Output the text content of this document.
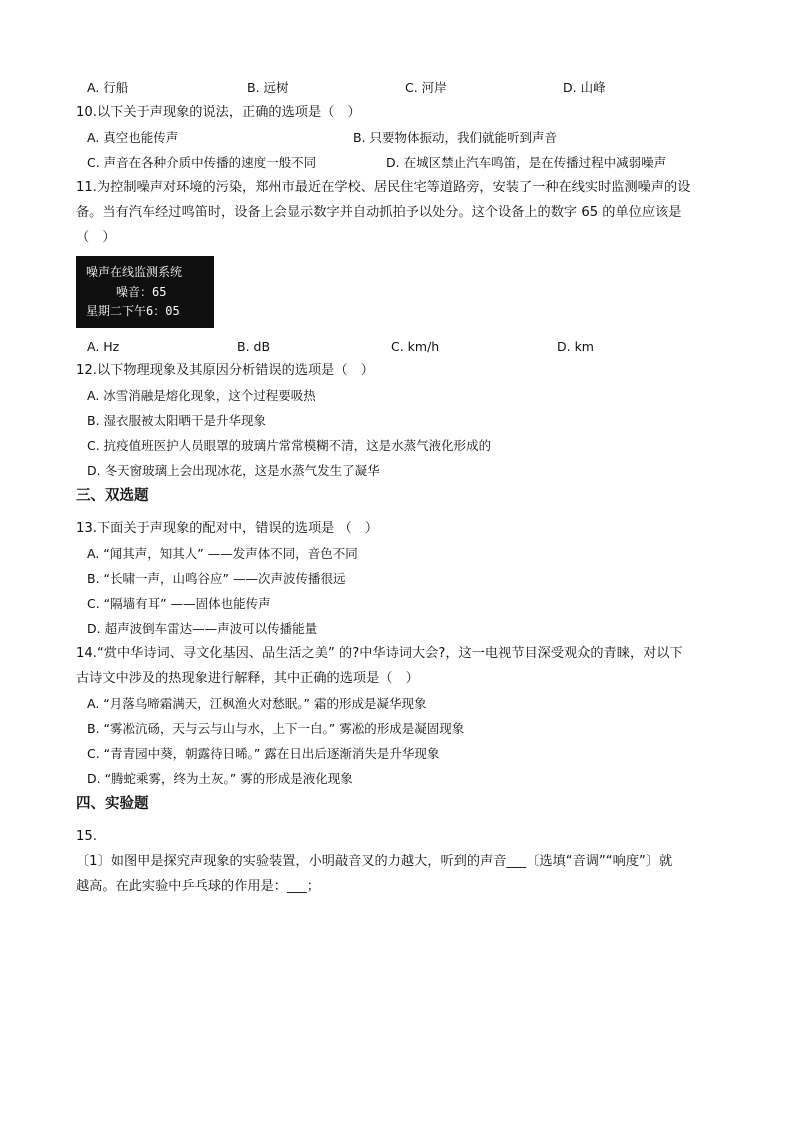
A. 行船	B. 远树	C. 河岸	D. 山峰
10.以下关于声现象的说法，正确的选项是（　）
A. 真空也能传声	B. 只要物体振动，我们就能听到声音
C. 声音在各种介质中传播的速度一般不同	D. 在城区禁止汽车鸣笛，是在传播过程中减弱噪声
11.为控制噪声对环境的污染，郑州市最近在学校、居民住宅等道路旁，安装了一种在线实时监测噪声的设
备。当有汽车经过鸣笛时，设备上会显示数字并自动抓拍予以处分。这个设备上的数字 65 的单位应该是
（　）
噪声在线监测系统
噪音：65
星期二下午6：05
A. Hz	B. dB	C. km/h	D. km
12.以下物理现象及其原因分析错误的选项是（　）
A. 冰雪消融是熔化现象，这个过程要吸热
B. 湿衣服被太阳晒干是升华现象
C. 抗疫值班医护人员眼罩的玻璃片常常模糊不清，这是水蒸气液化形成的
D. 冬天窗玻璃上会出现冰花，这是水蒸气发生了凝华
三、双选题
13.下面关于声现象的配对中，错误的选项是 （　）
A. “闻其声，知其人” ——发声体不同，音色不同
B. “长啸一声，山鸣谷应” ——次声波传播很远
C. “隔墙有耳” ——固体也能传声
D. 超声波倒车雷达——声波可以传播能量
14.“赏中华诗词、寻文化基因、品生活之美” 的?中华诗词大会?，这一电视节目深受观众的青睐，对以下
古诗文中涉及的热现象进行解释，其中正确的选项是（　）
A. “月落乌啼霜满天，江枫渔火对愁眠。” 霜的形成是凝华现象
B. “雾凇沆砀，天与云与山与水，上下一白。” 雾凇的形成是凝固现象
C. “青青园中葵，朝露待日晞。” 露在日出后逐渐消失是升华现象
D. “腾蛇乘雾，终为土灰。” 雾的形成是液化现象
四、实验题
15.
〔1〕如图甲是探究声现象的实验装置，小明敲音叉的力越大，听到的声音___〔选填“音调”“响度”〕就
越高。在此实验中乒乓球的作用是：___；
